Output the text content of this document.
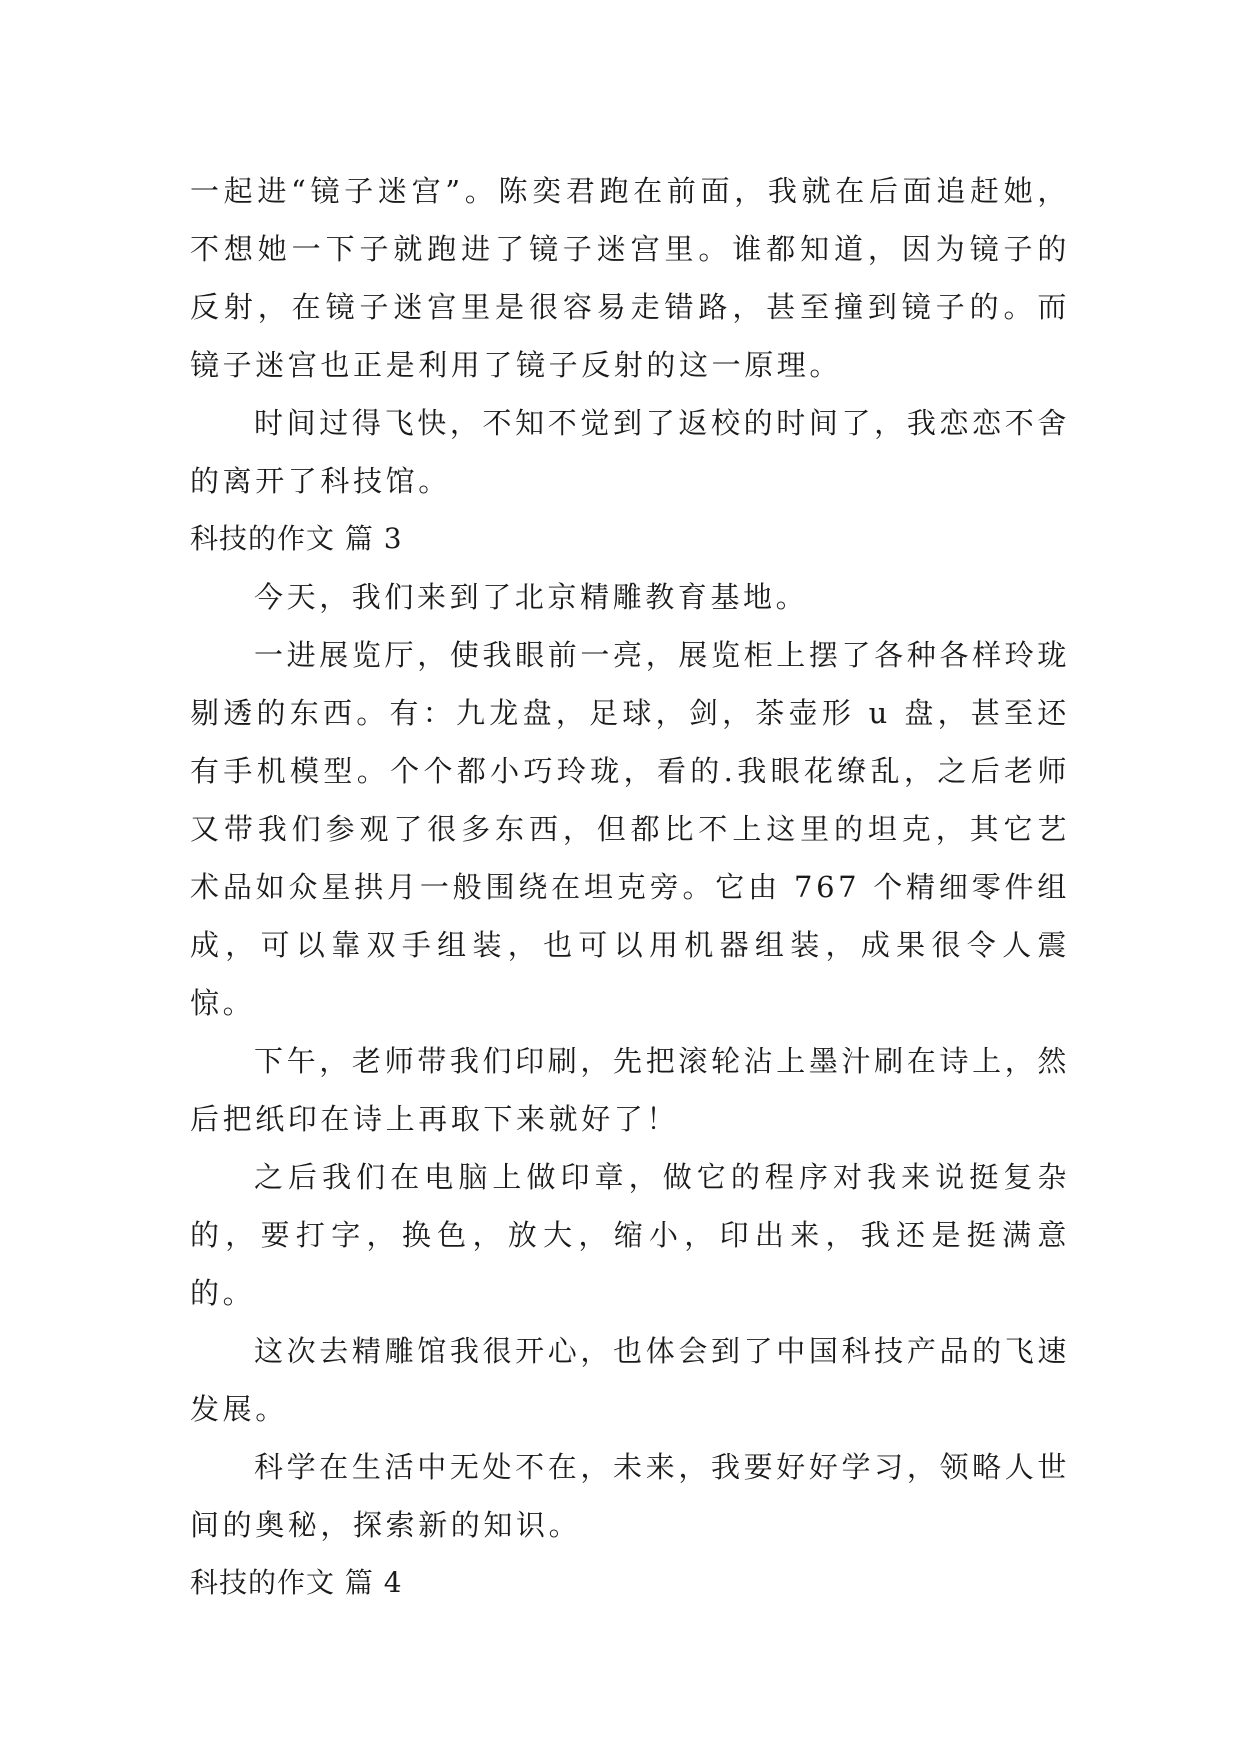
一起进“镜子迷宫”。陈奕君跑在前面，我就在后面追赶她，不想她一下子就跑进了镜子迷宫里。谁都知道，因为镜子的反射，在镜子迷宫里是很容易走错路，甚至撞到镜子的。而镜子迷宫也正是利用了镜子反射的这一原理。

时间过得飞快，不知不觉到了返校的时间了，我恋恋不舍的离开了科技馆。

科技的作文 篇 3

今天，我们来到了北京精雕教育基地。

一进展览厅，使我眼前一亮，展览柜上摆了各种各样玲珑剔透的东西。有：九龙盘，足球，剑，茶壶形 u 盘，甚至还有手机模型。个个都小巧玲珑，看的.我眼花缭乱，之后老师又带我们参观了很多东西，但都比不上这里的坦克，其它艺术品如众星拱月一般围绕在坦克旁。它由 767 个精细零件组成，可以靠双手组装，也可以用机器组装，成果很令人震惊。

下午，老师带我们印刷，先把滚轮沾上墨汁刷在诗上，然后把纸印在诗上再取下来就好了！

之后我们在电脑上做印章，做它的程序对我来说挺复杂的，要打字，换色，放大，缩小，印出来，我还是挺满意的。

这次去精雕馆我很开心，也体会到了中国科技产品的飞速发展。

科学在生活中无处不在，未来，我要好好学习，领略人世间的奥秘，探索新的知识。

科技的作文 篇 4
